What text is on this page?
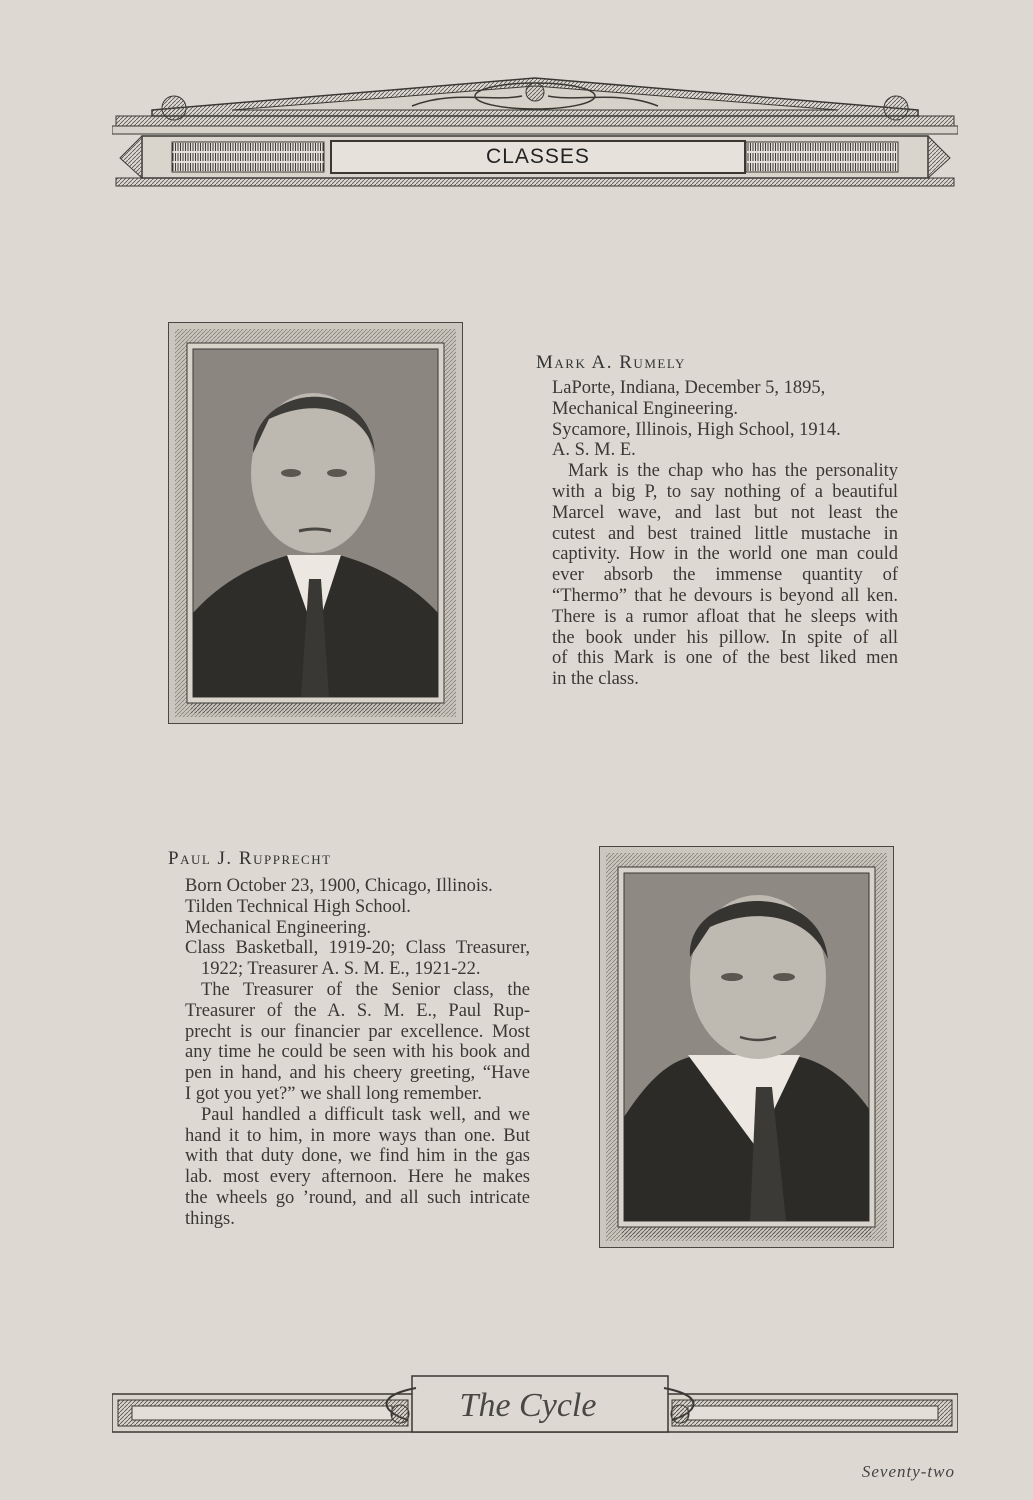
CLASSES
Mark A. Rumely
LaPorte, Indiana, December 5, 1895,
Mechanical Engineering.
Sycamore, Illinois, High School, 1914.
A. S. M. E.
Mark is the chap who has the personality
with a big P, to say nothing of a beautiful
Marcel wave, and last but not least the
cutest and best trained little mustache in
captivity. How in the world one man could
ever absorb the immense quantity of
“Thermo” that he devours is beyond all ken.
There is a rumor afloat that he sleeps with
the book under his pillow. In spite of all
of this Mark is one of the best liked men
in the class.
Paul J. Rupprecht
Born October 23, 1900, Chicago, Illinois.
Tilden Technical High School.
Mechanical Engineering.
Class Basketball, 1919-20; Class Treasurer,
1922; Treasurer A. S. M. E., 1921-22.
The Treasurer of the Senior class, the
Treasurer of the A. S. M. E., Paul Rup-
precht is our financier par excellence. Most
any time he could be seen with his book and
pen in hand, and his cheery greeting, “Have
I got you yet?” we shall long remember.
Paul handled a difficult task well, and we
hand it to him, in more ways than one. But
with that duty done, we find him in the gas
lab. most every afternoon. Here he makes
the wheels go ’round, and all such intricate
things.
The Cycle
Seventy-two
